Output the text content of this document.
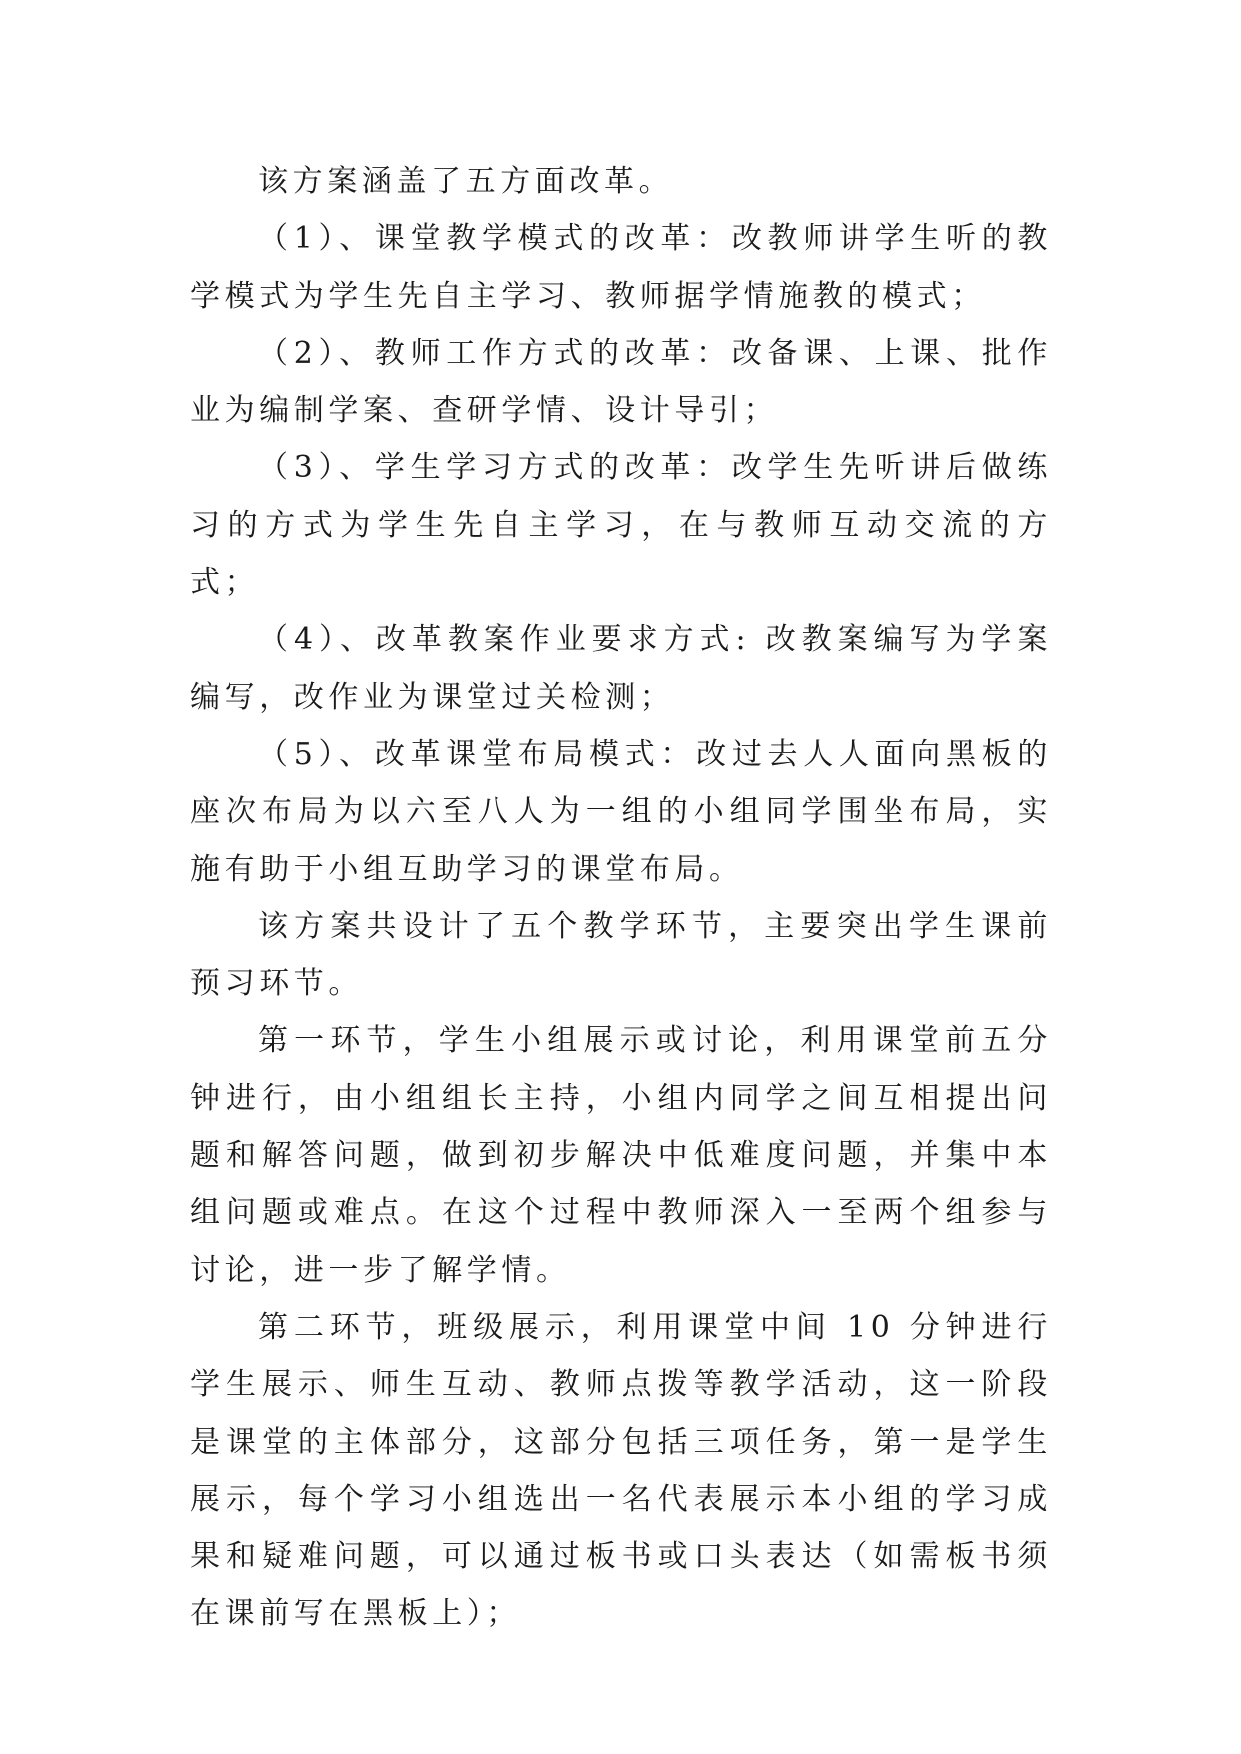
该方案涵盖了五方面改革。

（1）、课堂教学模式的改革：改教师讲学生听的教学模式为学生先自主学习、教师据学情施教的模式；

（2）、教师工作方式的改革：改备课、上课、批作业为编制学案、查研学情、设计导引；

（3）、学生学习方式的改革：改学生先听讲后做练习的方式为学生先自主学习，在与教师互动交流的方式；

（4）、改革教案作业要求方式: 改教案编写为学案编写，改作业为课堂过关检测；

（5）、改革课堂布局模式：改过去人人面向黑板的座次布局为以六至八人为一组的小组同学围坐布局，实施有助于小组互助学习的课堂布局。

该方案共设计了五个教学环节，主要突出学生课前预习环节。

第一环节，学生小组展示或讨论，利用课堂前五分钟进行，由小组组长主持，小组内同学之间互相提出问题和解答问题，做到初步解决中低难度问题，并集中本组问题或难点。在这个过程中教师深入一至两个组参与讨论，进一步了解学情。

第二环节，班级展示，利用课堂中间 10 分钟进行学生展示、师生互动、教师点拨等教学活动，这一阶段是课堂的主体部分，这部分包括三项任务，第一是学生展示，每个学习小组选出一名代表展示本小组的学习成果和疑难问题，可以通过板书或口头表达（如需板书须在课前写在黑板上）；
